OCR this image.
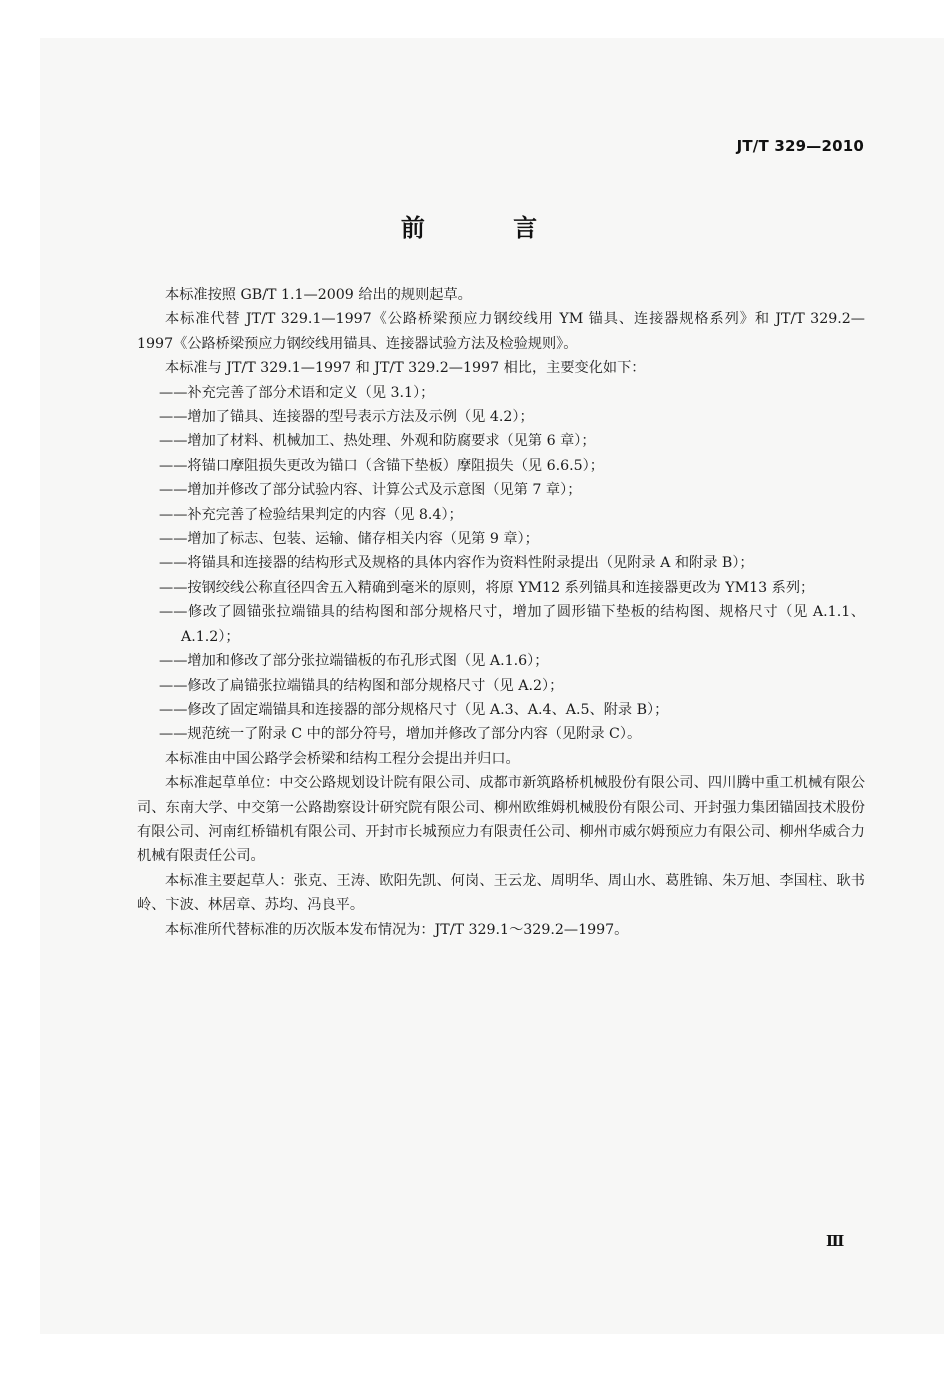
JT/T 329—2010
前 言

本标准按照 GB/T 1.1—2009 给出的规则起草。

本标准代替 JT/T 329.1—1997《公路桥梁预应力钢绞线用 YM 锚具、连接器规格系列》和 JT/T 329.2—1997《公路桥梁预应力钢绞线用锚具、连接器试验方法及检验规则》。

本标准与 JT/T 329.1—1997 和 JT/T 329.2—1997 相比，主要变化如下：

——补充完善了部分术语和定义（见 3.1）；

——增加了锚具、连接器的型号表示方法及示例（见 4.2）；

——增加了材料、机械加工、热处理、外观和防腐要求（见第 6 章）；

——将锚口摩阻损失更改为锚口（含锚下垫板）摩阻损失（见 6.6.5）；

——增加并修改了部分试验内容、计算公式及示意图（见第 7 章）；

——补充完善了检验结果判定的内容（见 8.4）；

——增加了标志、包装、运输、储存相关内容（见第 9 章）；

——将锚具和连接器的结构形式及规格的具体内容作为资料性附录提出（见附录 A 和附录 B）；

——按钢绞线公称直径四舍五入精确到毫米的原则，将原 YM12 系列锚具和连接器更改为 YM13 系列；

——修改了圆锚张拉端锚具的结构图和部分规格尺寸，增加了圆形锚下垫板的结构图、规格尺寸（见 A.1.1、A.1.2）；

——增加和修改了部分张拉端锚板的布孔形式图（见 A.1.6）；

——修改了扁锚张拉端锚具的结构图和部分规格尺寸（见 A.2）；

——修改了固定端锚具和连接器的部分规格尺寸（见 A.3、A.4、A.5、附录 B）；

——规范统一了附录 C 中的部分符号，增加并修改了部分内容（见附录 C）。

本标准由中国公路学会桥梁和结构工程分会提出并归口。

本标准起草单位：中交公路规划设计院有限公司、成都市新筑路桥机械股份有限公司、四川腾中重工机械有限公司、东南大学、中交第一公路勘察设计研究院有限公司、柳州欧维姆机械股份有限公司、开封强力集团锚固技术股份有限公司、河南红桥锚机有限公司、开封市长城预应力有限责任公司、柳州市威尔姆预应力有限公司、柳州华威合力机械有限责任公司。

本标准主要起草人：张克、王涛、欧阳先凯、何岗、王云龙、周明华、周山水、葛胜锦、朱万旭、李国柱、耿书岭、卞波、林居章、苏均、冯良平。

本标准所代替标准的历次版本发布情况为：JT/T 329.1～329.2—1997。

Ⅲ
